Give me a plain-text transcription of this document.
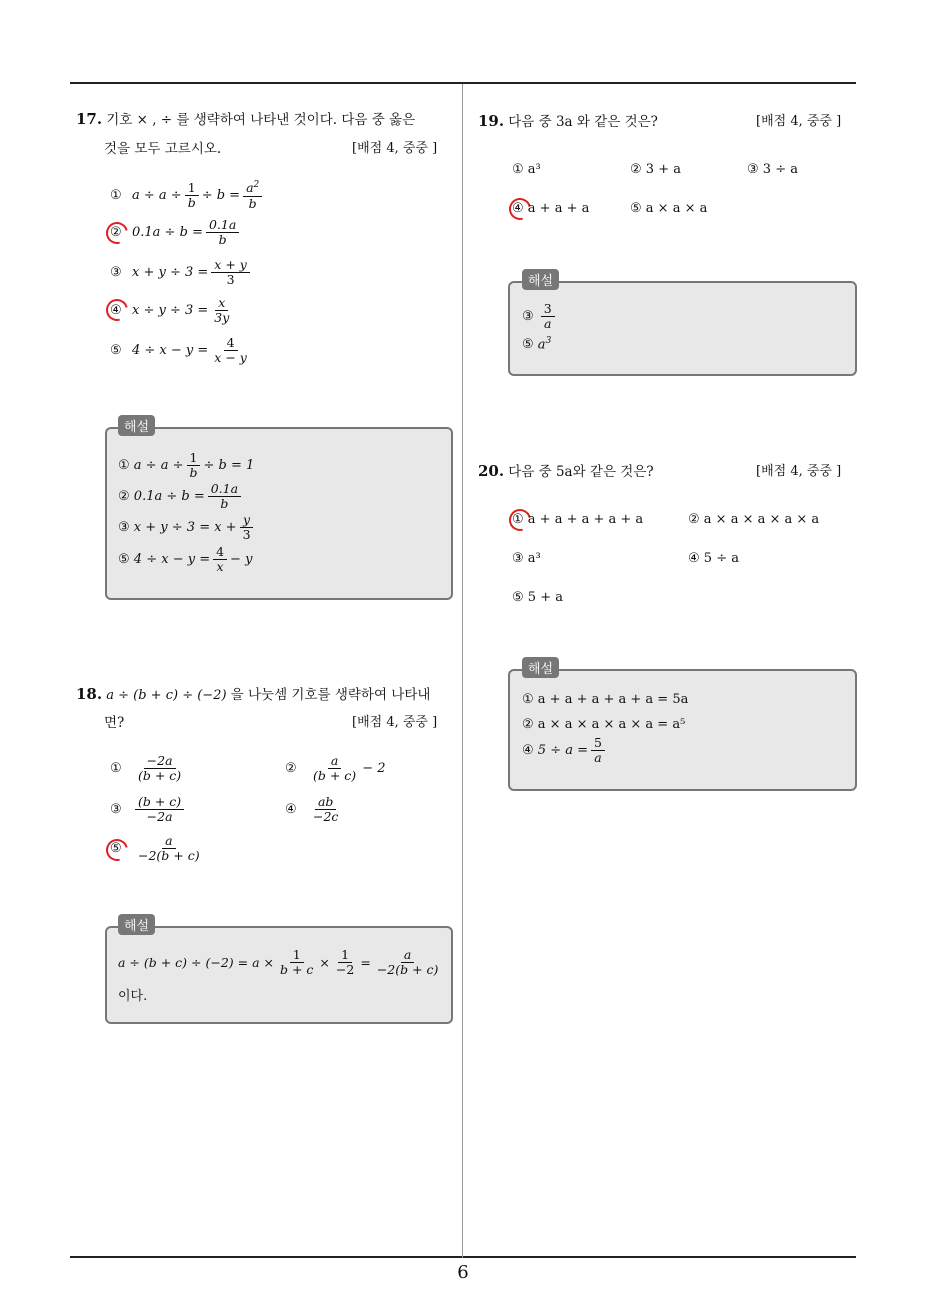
6
17. 기호 × , ÷ 를 생략하여 나타낸 것이다. 다음 중 옳은
것을 모두 고르시오.	[배점 4, 중중 ]
① $a \div a \div \frac{1}{b} \div b = \frac{a^2}{b}$
② $0.1a \div b = \frac{0.1a}{b}$
③ $x + y \div 3 = \frac{x + y}{3}$
④ $x \div y \div 3 = \frac{x}{3y}$
⑤ $4 \div x - y = \frac{4}{x - y}$
해설
① $a \div a \div \frac{1}{b} \div b = 1$
② $0.1a \div b = \frac{0.1a}{b}$
③ $x + y \div 3 = x + \frac{y}{3}$
⑤ $4 \div x - y = \frac{4}{x} - y$
18. a ÷ (b + c) ÷ (−2) 을 나눗셈 기호를 생략하여 나타내
면?	[배점 4, 중중 ]
①	$\frac{-2a}{(b + c)}$	②	$\frac{a}{(b + c)} - 2$
③	$\frac{(b + c)}{-2a}$	④	$\frac{ab}{-2c}$
⑤	$\frac{a}{-2(b + c)}$
해설
$a \div (b + c) \div (-2) = a \times \frac{1}{b + c} \times \frac{1}{-2} = \frac{a}{-2(b + c)}$
이다.
19. 다음 중 3a 와 같은 것은?	[배점 4, 중중 ]
① a³	② 3 + a	③ 3 ÷ a
④ a + a + a	⑤ a × a × a
해설
③ $\frac{3}{a}$
⑤ $a^3$
20. 다음 중 5a와 같은 것은?	[배점 4, 중중 ]
① a + a + a + a + a	② a × a × a × a × a
③ a³	④ 5 ÷ a
⑤ 5 + a
해설
① a + a + a + a + a = 5a
② a × a × a × a × a = a⁵
④ $5 \div a = \frac{5}{a}$
